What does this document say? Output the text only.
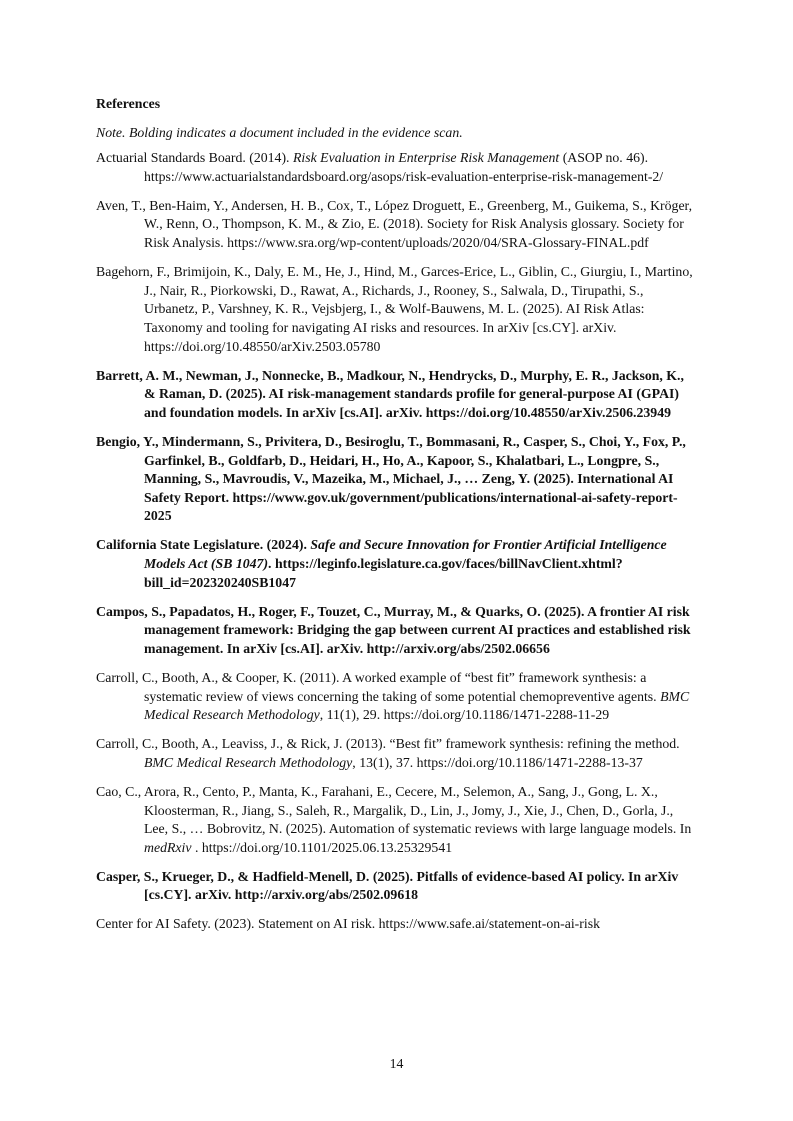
References
Note. Bolding indicates a document included in the evidence scan.
Actuarial Standards Board. (2014). Risk Evaluation in Enterprise Risk Management (ASOP no. 46). https://www.actuarialstandardsboard.org/asops/risk-evaluation-enterprise-risk-management-2/
Aven, T., Ben-Haim, Y., Andersen, H. B., Cox, T., López Droguett, E., Greenberg, M., Guikema, S., Kröger, W., Renn, O., Thompson, K. M., & Zio, E. (2018). Society for Risk Analysis glossary. Society for Risk Analysis. https://www.sra.org/wp-content/uploads/2020/04/SRA-Glossary-FINAL.pdf
Bagehorn, F., Brimijoin, K., Daly, E. M., He, J., Hind, M., Garces-Erice, L., Giblin, C., Giurgiu, I., Martino, J., Nair, R., Piorkowski, D., Rawat, A., Richards, J., Rooney, S., Salwala, D., Tirupathi, S., Urbanetz, P., Varshney, K. R., Vejsbjerg, I., & Wolf-Bauwens, M. L. (2025). AI Risk Atlas: Taxonomy and tooling for navigating AI risks and resources. In arXiv [cs.CY]. arXiv. https://doi.org/10.48550/arXiv.2503.05780
Barrett, A. M., Newman, J., Nonnecke, B., Madkour, N., Hendrycks, D., Murphy, E. R., Jackson, K., & Raman, D. (2025). AI risk-management standards profile for general-purpose AI (GPAI) and foundation models. In arXiv [cs.AI]. arXiv. https://doi.org/10.48550/arXiv.2506.23949
Bengio, Y., Mindermann, S., Privitera, D., Besiroglu, T., Bommasani, R., Casper, S., Choi, Y., Fox, P., Garfinkel, B., Goldfarb, D., Heidari, H., Ho, A., Kapoor, S., Khalatbari, L., Longpre, S., Manning, S., Mavroudis, V., Mazeika, M., Michael, J., … Zeng, Y. (2025). International AI Safety Report. https://www.gov.uk/government/publications/international-ai-safety-report-2025
California State Legislature. (2024). Safe and Secure Innovation for Frontier Artificial Intelligence Models Act (SB 1047). https://leginfo.legislature.ca.gov/faces/billNavClient.xhtml?bill_id=202320240SB1047
Campos, S., Papadatos, H., Roger, F., Touzet, C., Murray, M., & Quarks, O. (2025). A frontier AI risk management framework: Bridging the gap between current AI practices and established risk management. In arXiv [cs.AI]. arXiv. http://arxiv.org/abs/2502.06656
Carroll, C., Booth, A., & Cooper, K. (2011). A worked example of “best fit” framework synthesis: a systematic review of views concerning the taking of some potential chemopreventive agents. BMC Medical Research Methodology, 11(1), 29. https://doi.org/10.1186/1471-2288-11-29
Carroll, C., Booth, A., Leaviss, J., & Rick, J. (2013). “Best fit” framework synthesis: refining the method. BMC Medical Research Methodology, 13(1), 37. https://doi.org/10.1186/1471-2288-13-37
Cao, C., Arora, R., Cento, P., Manta, K., Farahani, E., Cecere, M., Selemon, A., Sang, J., Gong, L. X., Kloosterman, R., Jiang, S., Saleh, R., Margalik, D., Lin, J., Jomy, J., Xie, J., Chen, D., Gorla, J., Lee, S., … Bobrovitz, N. (2025). Automation of systematic reviews with large language models. In medRxiv . https://doi.org/10.1101/2025.06.13.25329541
Casper, S., Krueger, D., & Hadfield-Menell, D. (2025). Pitfalls of evidence-based AI policy. In arXiv [cs.CY]. arXiv. http://arxiv.org/abs/2502.09618
Center for AI Safety. (2023). Statement on AI risk. https://www.safe.ai/statement-on-ai-risk
14
